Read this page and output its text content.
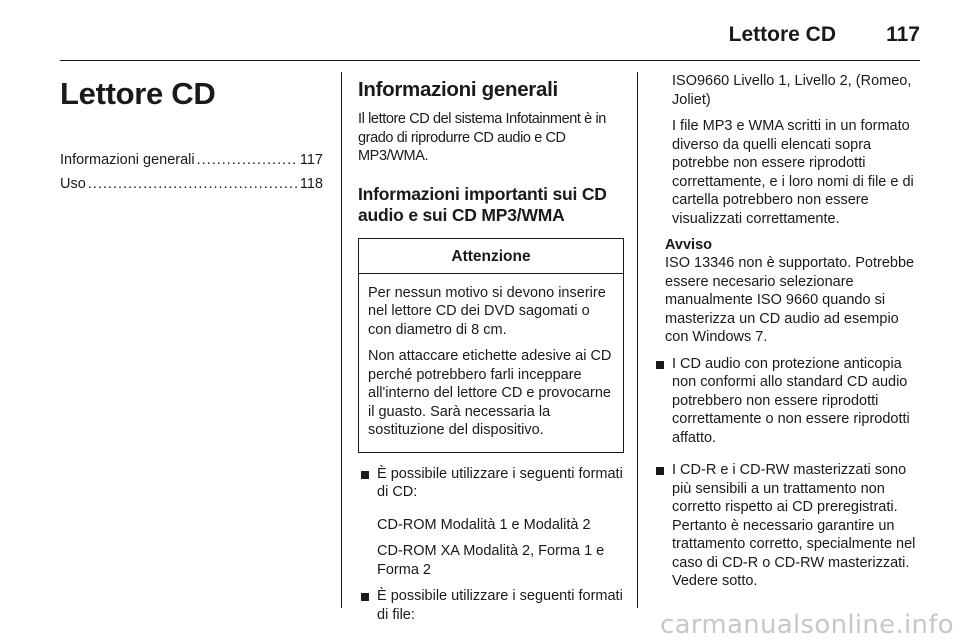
Lettore CD 117
Lettore CD
Informazioni generali .....	117
Uso .....	118
Informazioni generali

Il lettore CD del sistema Infotainment è in grado di riprodurre CD audio e CD MP3/WMA.

Informazioni importanti sui CD audio e sui CD MP3/WMA
Attenzione

Per nessun motivo si devono inserire nel lettore CD dei DVD sagomati o con diametro di 8 cm.

Non attaccare etichette adesive ai CD perché potrebbero farli inceppare all'interno del lettore CD e provocarne il guasto. Sarà necessaria la sostituzione del dispositivo.

È possibile utilizzare i seguenti formati di CD:

CD-ROM Modalità 1 e Modalità 2

CD-ROM XA Modalità 2, Forma 1 e Forma 2

È possibile utilizzare i seguenti formati di file:

ISO9660 Livello 1, Livello 2, (Romeo, Joliet)

I file MP3 e WMA scritti in un formato diverso da quelli elencati sopra potrebbe non essere riprodotti correttamente, e i loro nomi di file e di cartella potrebbero non essere visualizzati correttamente.

Avviso

ISO 13346 non è supportato. Potrebbe essere necesario selezionare manualmente ISO 9660 quando si masterizza un CD audio ad esempio con Windows 7.

I CD audio con protezione anticopia non conformi allo standard CD audio potrebbero non essere riprodotti correttamente o non essere riprodotti affatto.

I CD-R e i CD-RW masterizzati sono più sensibili a un trattamento non corretto rispetto ai CD preregistrati. Pertanto è necessario garantire un trattamento corretto, specialmente nel caso di CD-R o CD-RW masterizzati. Vedere sotto.

carmanualsonline.info
